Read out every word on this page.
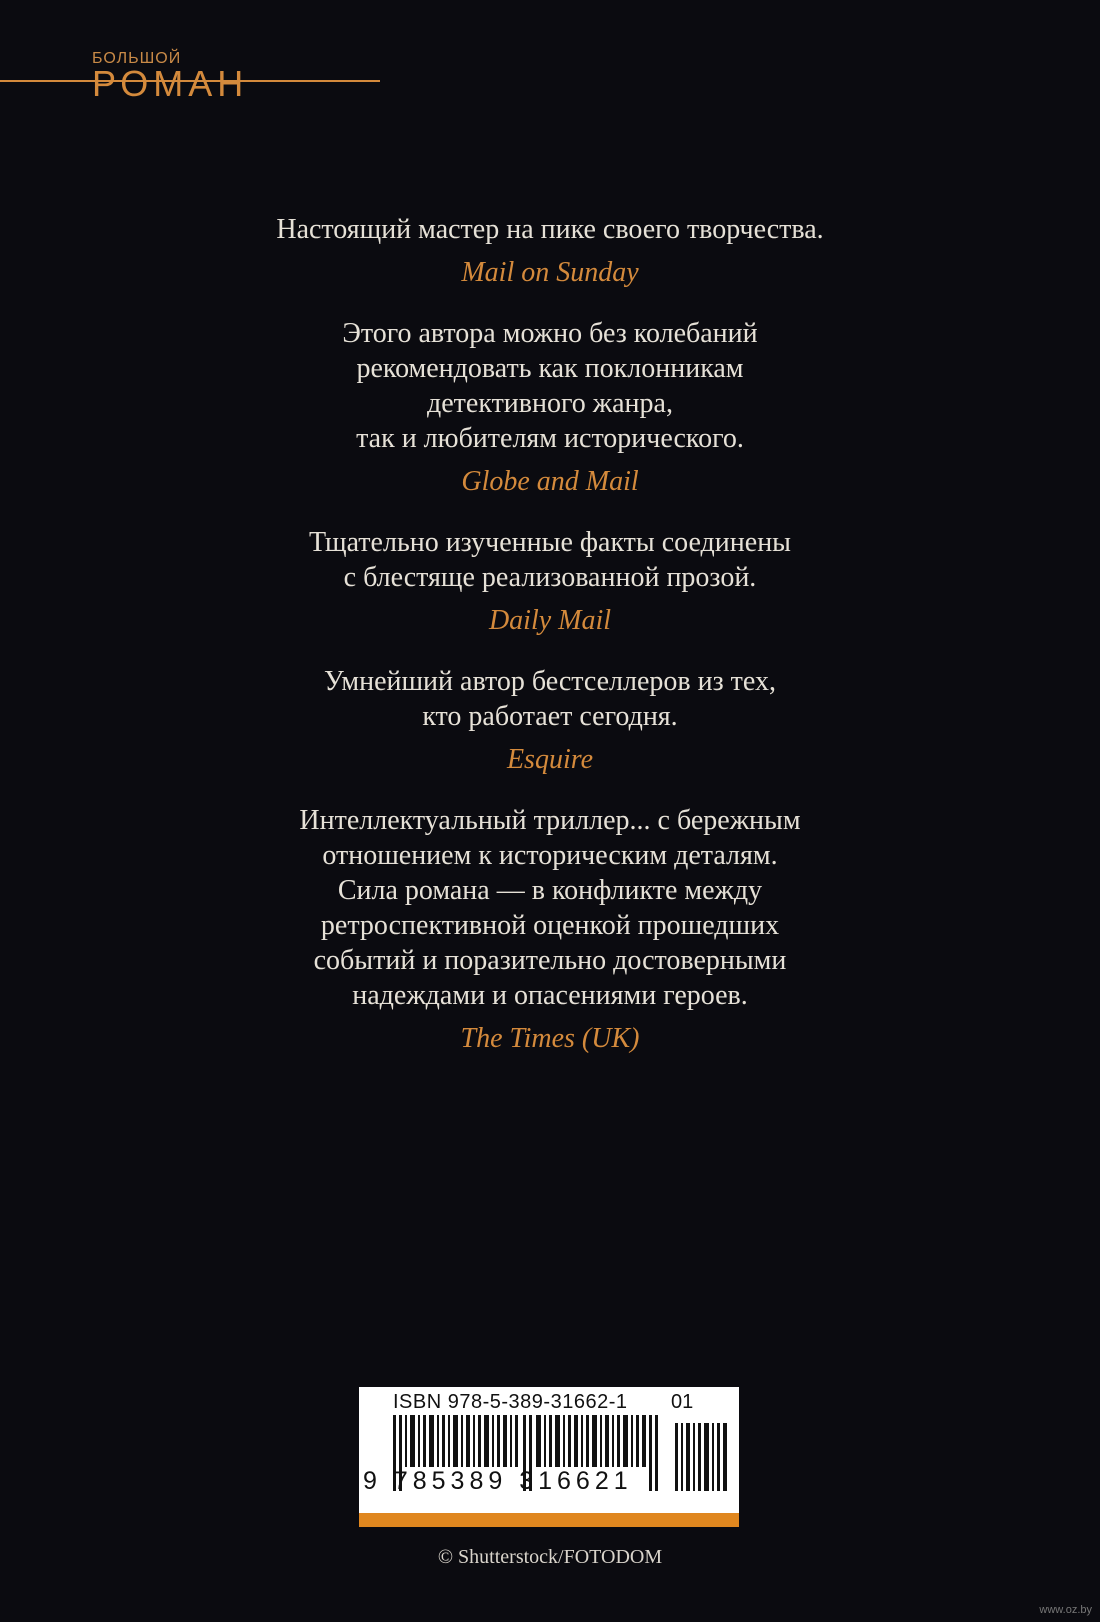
БОЛЬШОЙ
РОМАН
Настоящий мастер на пике своего творчества.
Mail on Sunday
Этого автора можно без колебаний
рекомендовать как поклонникам
детективного жанра,
так и любителям исторического.
Globe and Mail
Тщательно изученные факты соединены
с блестяще реализованной прозой.
Daily Mail
Умнейший автор бестселлеров из тех,
кто работает сегодня.
Esquire
Интеллектуальный триллер... с бережным
отношением к историческим деталям.
Сила романа — в конфликте между
ретроспективной оценкой прошедших
событий и поразительно достоверными
надеждами и опасениями героев.
The Times (UK)
ISBN 978-5-389-31662-1 01
9 785389 316621
© Shutterstock/FOTODOM
www.oz.by
